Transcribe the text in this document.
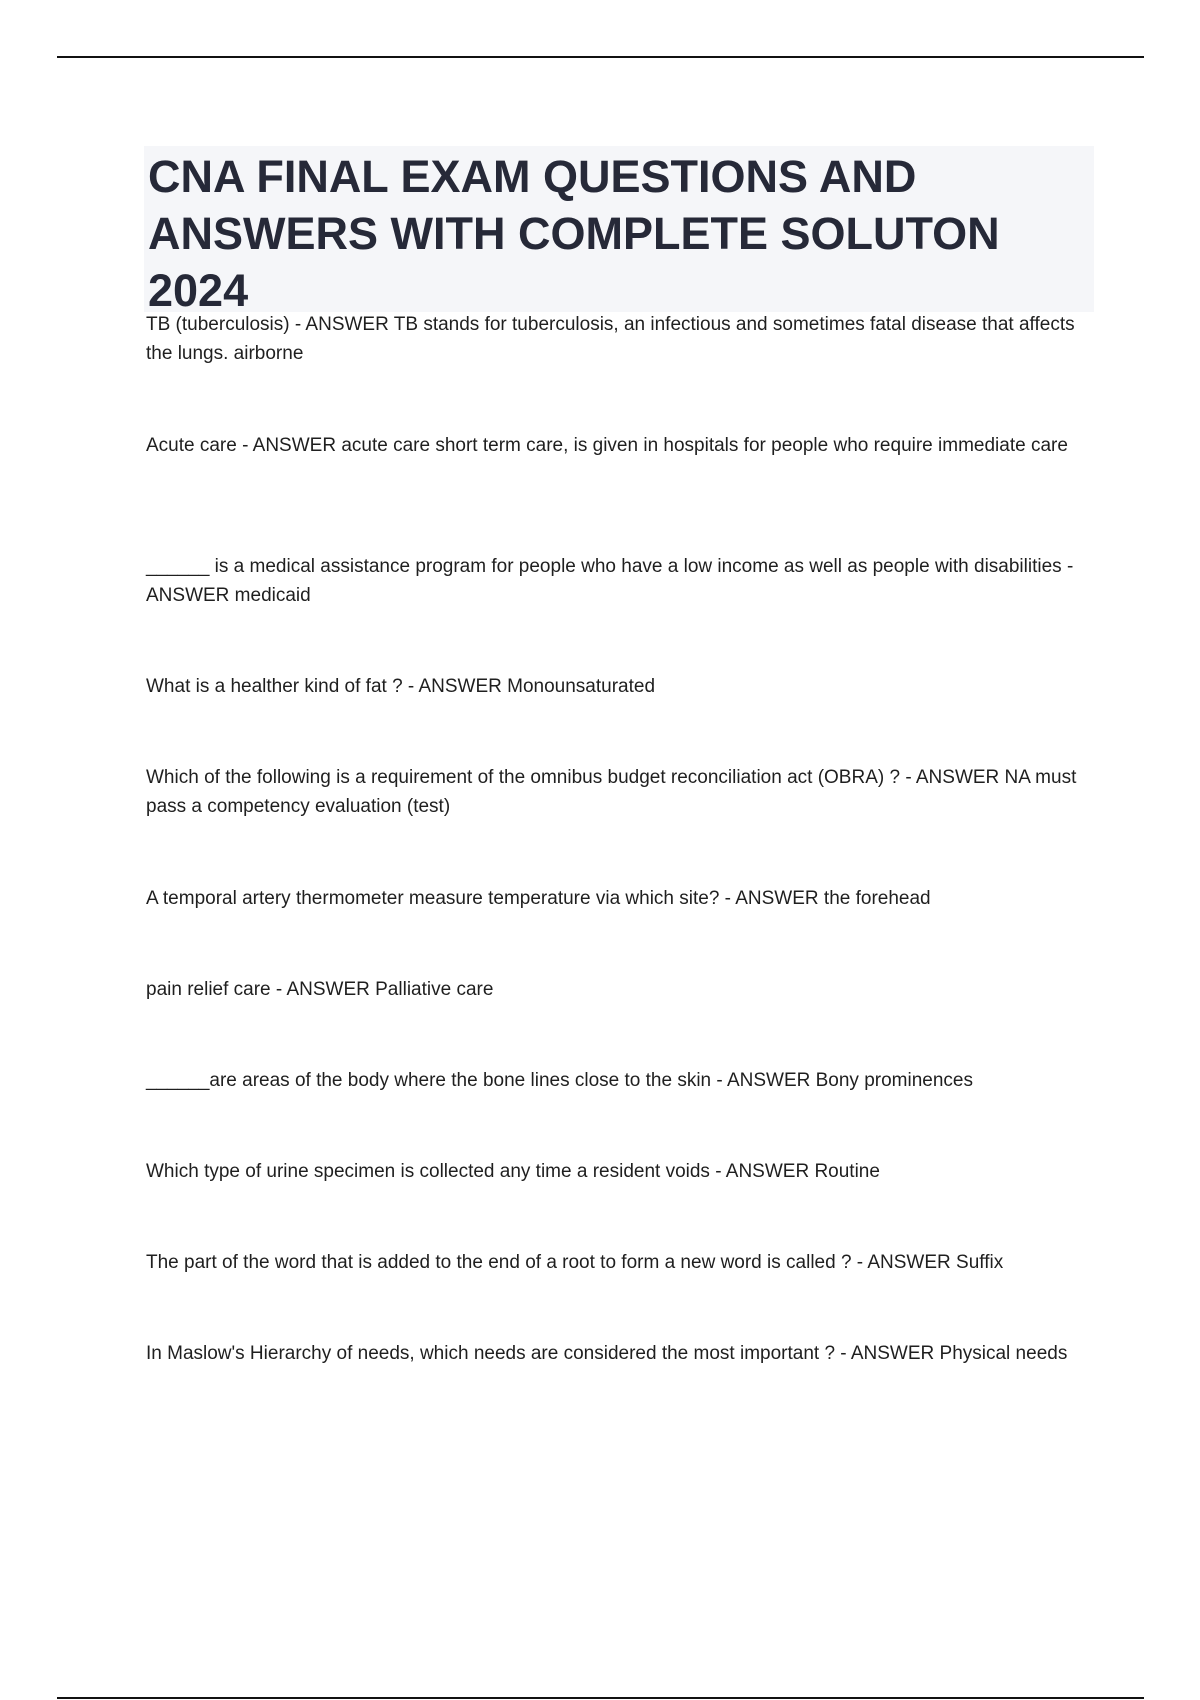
CNA FINAL EXAM QUESTIONS AND ANSWERS WITH COMPLETE SOLUTON 2024
TB (tuberculosis) - ANSWER TB stands for tuberculosis, an infectious and sometimes fatal disease that affects the lungs. airborne
Acute care - ANSWER acute care short term care, is given in hospitals for people who require immediate care
______ is a medical assistance program for people who have a low income as well as people with disabilities - ANSWER medicaid
What is a healther kind of fat ? - ANSWER Monounsaturated
Which of the following is a requirement of the omnibus budget reconciliation act (OBRA) ? - ANSWER NA must pass a competency evaluation (test)
A temporal artery thermometer measure temperature via which site? - ANSWER the forehead
pain relief care - ANSWER Palliative care
______are areas of the body where the bone lines close to the skin - ANSWER Bony prominences
Which type of urine specimen is collected any time a resident voids - ANSWER Routine
The part of the word that is added to the end of a root to form a new word is called ? - ANSWER Suffix
In Maslow's Hierarchy of needs, which needs are considered the most important ? - ANSWER Physical needs
